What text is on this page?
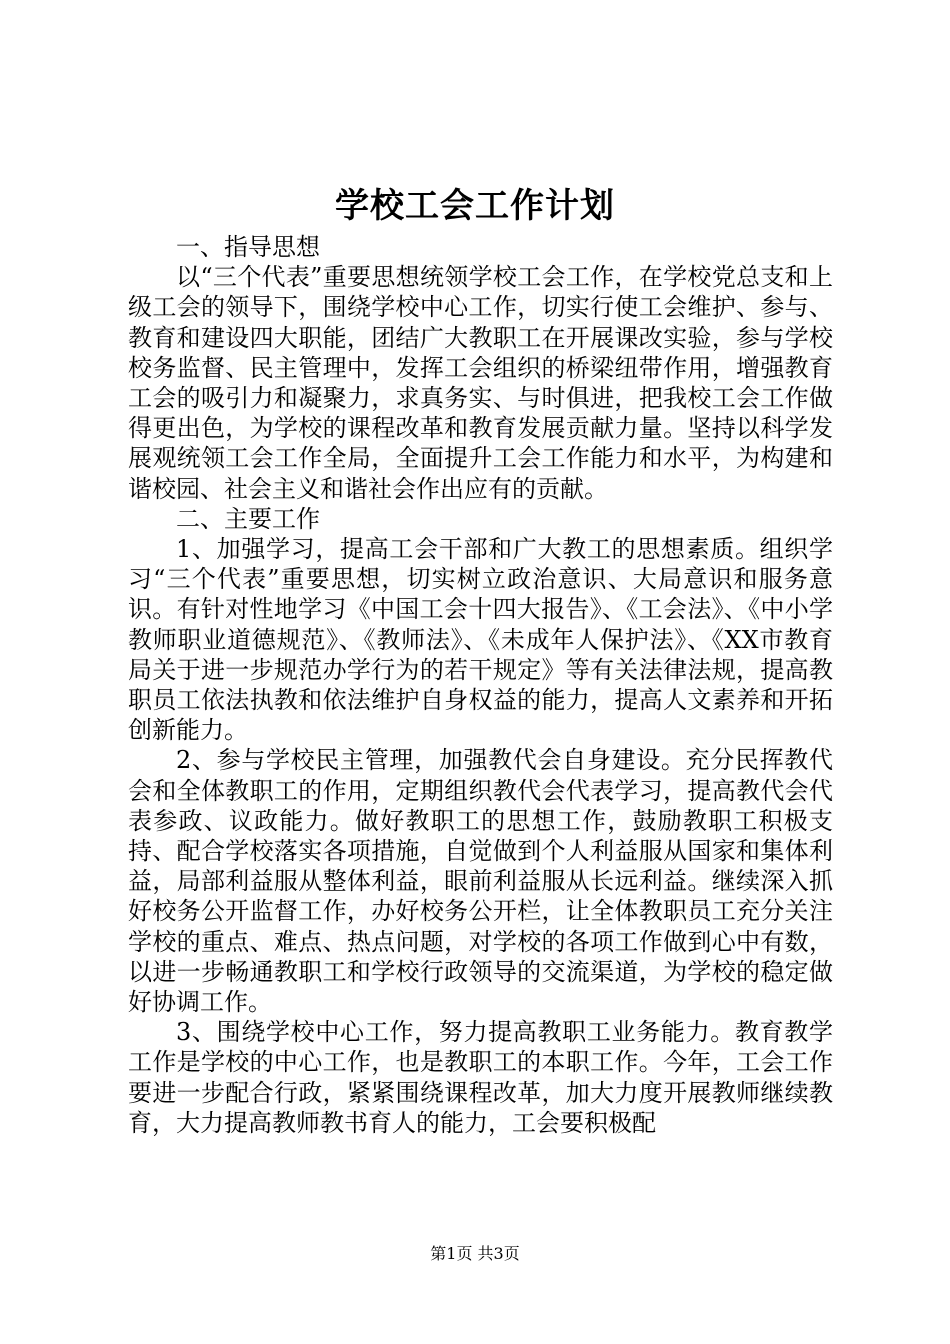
学校工会工作计划

一、指导思想

以“三个代表”重要思想统领学校工会工作，在学校党总支和上级工会的领导下，围绕学校中心工作，切实行使工会维护、参与、教育和建设四大职能，团结广大教职工在开展课改实验，参与学校校务监督、民主管理中，发挥工会组织的桥梁纽带作用，增强教育工会的吸引力和凝聚力，求真务实、与时俱进，把我校工会工作做得更出色，为学校的课程改革和教育发展贡献力量。坚持以科学发展观统领工会工作全局，全面提升工会工作能力和水平，为构建和谐校园、社会主义和谐社会作出应有的贡献。

二、主要工作

1、加强学习，提高工会干部和广大教工的思想素质。组织学习“三个代表”重要思想，切实树立政治意识、大局意识和服务意识。有针对性地学习《中国工会十四大报告》、《工会法》、《中小学教师职业道德规范》、《教师法》、《未成年人保护法》、《XX市教育局关于进一步规范办学行为的若干规定》等有关法律法规，提高教职员工依法执教和依法维护自身权益的能力，提高人文素养和开拓创新能力。

2、参与学校民主管理，加强教代会自身建设。充分民挥教代会和全体教职工的作用，定期组织教代会代表学习，提高教代会代表参政、议政能力。做好教职工的思想工作，鼓励教职工积极支持、配合学校落实各项措施，自觉做到个人利益服从国家和集体利益，局部利益服从整体利益，眼前利益服从长远利益。继续深入抓好校务公开监督工作，办好校务公开栏，让全体教职员工充分关注学校的重点、难点、热点问题，对学校的各项工作做到心中有数，以进一步畅通教职工和学校行政领导的交流渠道，为学校的稳定做好协调工作。

3、围绕学校中心工作，努力提高教职工业务能力。教育教学工作是学校的中心工作，也是教职工的本职工作。今年，工会工作要进一步配合行政，紧紧围绕课程改革，加大力度开展教师继续教育，大力提高教师教书育人的能力，工会要积极配

第1页 共3页
